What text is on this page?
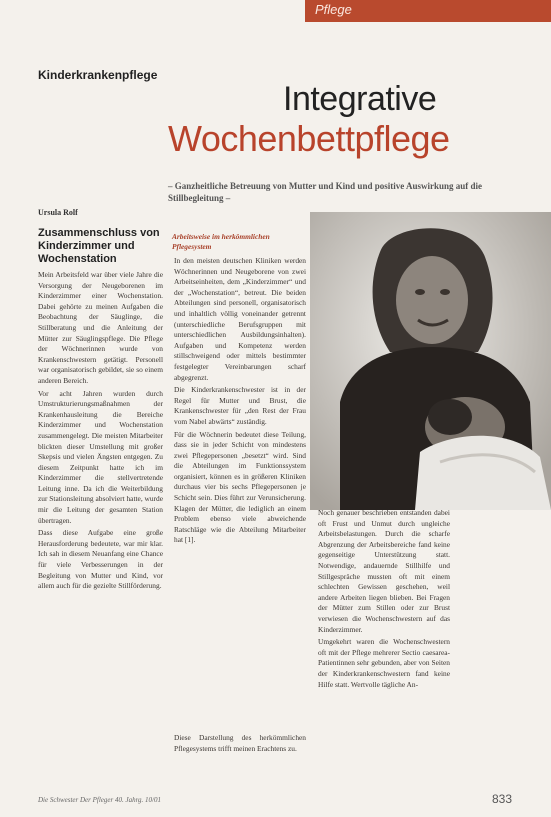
Pflege
Kinderkrankenpflege
Integrative
Wochenbettpflege
– Ganzheitliche Betreuung von Mutter und Kind und positive Auswirkung auf die Stillbegleitung –
Ursula Rolf
Zusammenschluss von Kinderzimmer und Wochenstation

Mein Arbeitsfeld war über viele Jahre die Versorgung der Neugeborenen im Kinderzimmer einer Wochenstation. Dabei gehörte zu meinen Aufgaben die Beobachtung der Säuglinge, die Stillberatung und die Anleitung der Mütter zur Säuglingspflege. Die Pflege der Wöchnerinnen wurde von Krankenschwestern getätigt. Personell war organisatorisch gebildet, sie so einem anderen Bereich.

Vor acht Jahren wurden durch Umstrukturierungsmaßnahmen der Krankenhausleitung die Bereiche Kinderzimmer und Wochenstation zusammengelegt. Die meisten Mitarbeiter blickten dieser Umstellung mit großer Skepsis und vielen Ängsten entgegen. Zu diesem Zeitpunkt hatte ich im Kinderzimmer die stellvertretende Leitung inne. Da ich die Weiterbildung zur Stationsleitung absolviert hatte, wurde mir die Leitung der gesamten Station übertragen.

Dass diese Aufgabe eine große Herausforderung bedeutete, war mir klar. Ich sah in diesem Neuanfang eine Chance für viele Verbesserungen in der Begleitung von Mutter und Kind, vor allem auch für die gezielte Stillförderung.

Arbeitsweise im herkömmlichen Pflegesystem

In den meisten deutschen Kliniken werden Wöchnerinnen und Neugeborene von zwei Arbeitseinheiten, dem „Kinderzimmer“ und der „Wochenstation“, betreut. Die beiden Abteilungen sind personell, organisatorisch und inhaltlich völlig voneinander getrennt (unterschiedliche Berufsgruppen mit unterschiedlichen Ausbildungsinhalten). Aufgaben und Kompetenz werden stillschweigend oder mittels bestimmter festgelegter Vereinbarungen scharf abgegrenzt.

Die Kinderkrankenschwester ist in der Regel für Mutter und Brust, die Krankenschwester für „den Rest der Frau vom Nabel abwärts“ zuständig.

Für die Wöchnerin bedeutet diese Teilung, dass sie in jeder Schicht von mindestens zwei Pflegepersonen „besetzt“ wird. Sind die Abteilungen im Funktionssystem organisiert, können es in größeren Kliniken durchaus vier bis sechs Pflegepersonen je Schicht sein. Dies führt zur Verunsicherung. Klagen der Mütter, die lediglich an einem Problem ebenso viele abweichende Ratschläge wie die Abteilung Mitarbeiter hat [1].

Diese Darstellung des herkömmlichen Pflegesystems trifft meinen Erachtens zu.

Noch genauer beschrieben entstanden dabei oft Frust und Unmut durch ungleiche Arbeitsbelastungen. Durch die scharfe Abgrenzung der Arbeitsbereiche fand keine gegenseitige Unterstützung statt. Notwendige, andauernde Stillhilfe und Stillgespräche mussten oft mit einem schlechten Gewissen geschehen, weil andere Arbeiten liegen blieben. Bei Fragen der Mütter zum Stillen oder zur Brust verwiesen die Wochenschwestern auf das Kinderzimmer.

Umgekehrt waren die Wochenschwestern oft mit der Pflege mehrerer Sectio caesarea-Patientinnen sehr gebunden, aber von Seiten der Kinderkrankenschwestern fand keine Hilfe statt. Wertvolle tägliche An-

Die Schwester Der Pfleger 40. Jahrg. 10/01	833
